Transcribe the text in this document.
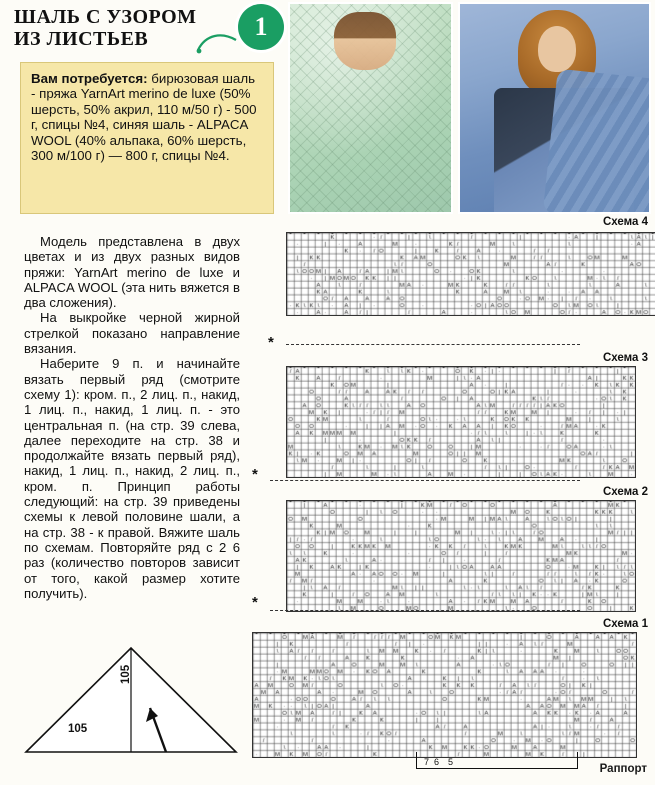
ШАЛЬ С УЗОРОМ
ИЗ ЛИСТЬЕВ	1
Вам потребуется: бирюзовая шаль - пряжа YarnArt merino de luxe (50% шерсть, 50% акрил, 110 м/50 г) - 500 г, спицы №4, синяя шаль - ALPACA WOOL (40% альпака, 60% шерсть, 300 м/100 г) — 800 г, спицы №4.

Модель представлена в двух цветах и из двух разных видов пряжи: YarnArt merino de luxe и ALPACA WOOL (эта нить вяжется в два сложения).

На выкройке черной жирной стрелкой показано направление вязания.

Наберите 9 п. и начинайте вязать первый ряд (смотрите схему 1): кром. п., 2 лиц. п., накид, 1 лиц. п., накид, 1 лиц. п. - это центральная п. (на стр. 39 слева, далее переходите на стр. 38 и продолжайте вязать первый ряд), накид, 1 лиц. п., накид, 2 лиц. п., кром. п. Принцип работы следующий: на стр. 39 приведены схемы к левой половине шали, а на стр. 38 - к правой. Вяжите шаль по схемам. Повторяйте ряд с 2 6 раз (количество повторов зависит от того, какой размер хотите получить).

Схема 4
Схема 3
Схема 2
Схема 1
Раппорт
*
*
*
7 6 5
105
105
